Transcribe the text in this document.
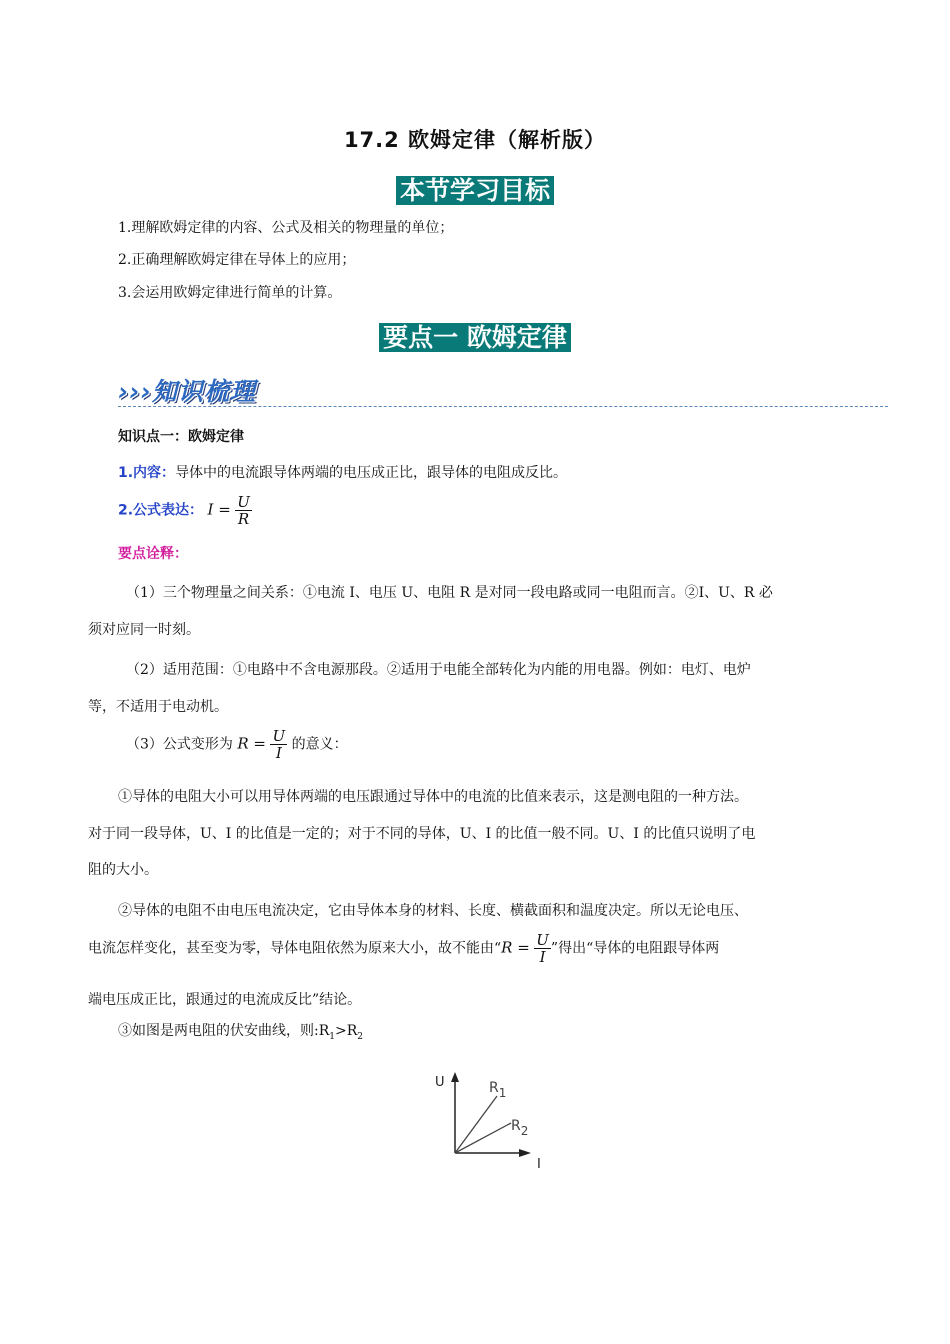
17.2 欧姆定律（解析版）
本节学习目标
1.理解欧姆定律的内容、公式及相关的物理量的单位；
2.正确理解欧姆定律在导体上的应用；
3.会运用欧姆定律进行简单的计算。
要点一 欧姆定律
›››知识梳理
知识点一：欧姆定律
1.内容：导体中的电流跟导体两端的电压成正比，跟导体的电阻成反比。
2.公式表达： $I = \frac{U}{R}$
要点诠释：
（1）三个物理量之间关系：①电流 I、电压 U、电阻 R 是对同一段电路或同一电阻而言。②I、U、R 必
须对应同一时刻。
（2）适用范围：①电路中不含电源那段。②适用于电能全部转化为内能的用电器。例如：电灯、电炉
等，不适用于电动机。
（3）公式变形为 $R = \frac{U}{I}$ 的意义：
①导体的电阻大小可以用导体两端的电压跟通过导体中的电流的比值来表示，这是测电阻的一种方法。
对于同一段导体，U、I 的比值是一定的；对于不同的导体，U、I 的比值一般不同。U、I 的比值只说明了电
阻的大小。
②导体的电阻不由电压电流决定，它由导体本身的材料、长度、横截面积和温度决定。所以无论电压、
电流怎样变化，甚至变为零，导体电阻依然为原来大小，故不能由“$R = \frac{U}{I}$ ”得出“导体的电阻跟导体两
端电压成正比，跟通过的电流成反比”结论。
③如图是两电阻的伏安曲线，则$:R_1>R_2$
U
I
R1
R2
